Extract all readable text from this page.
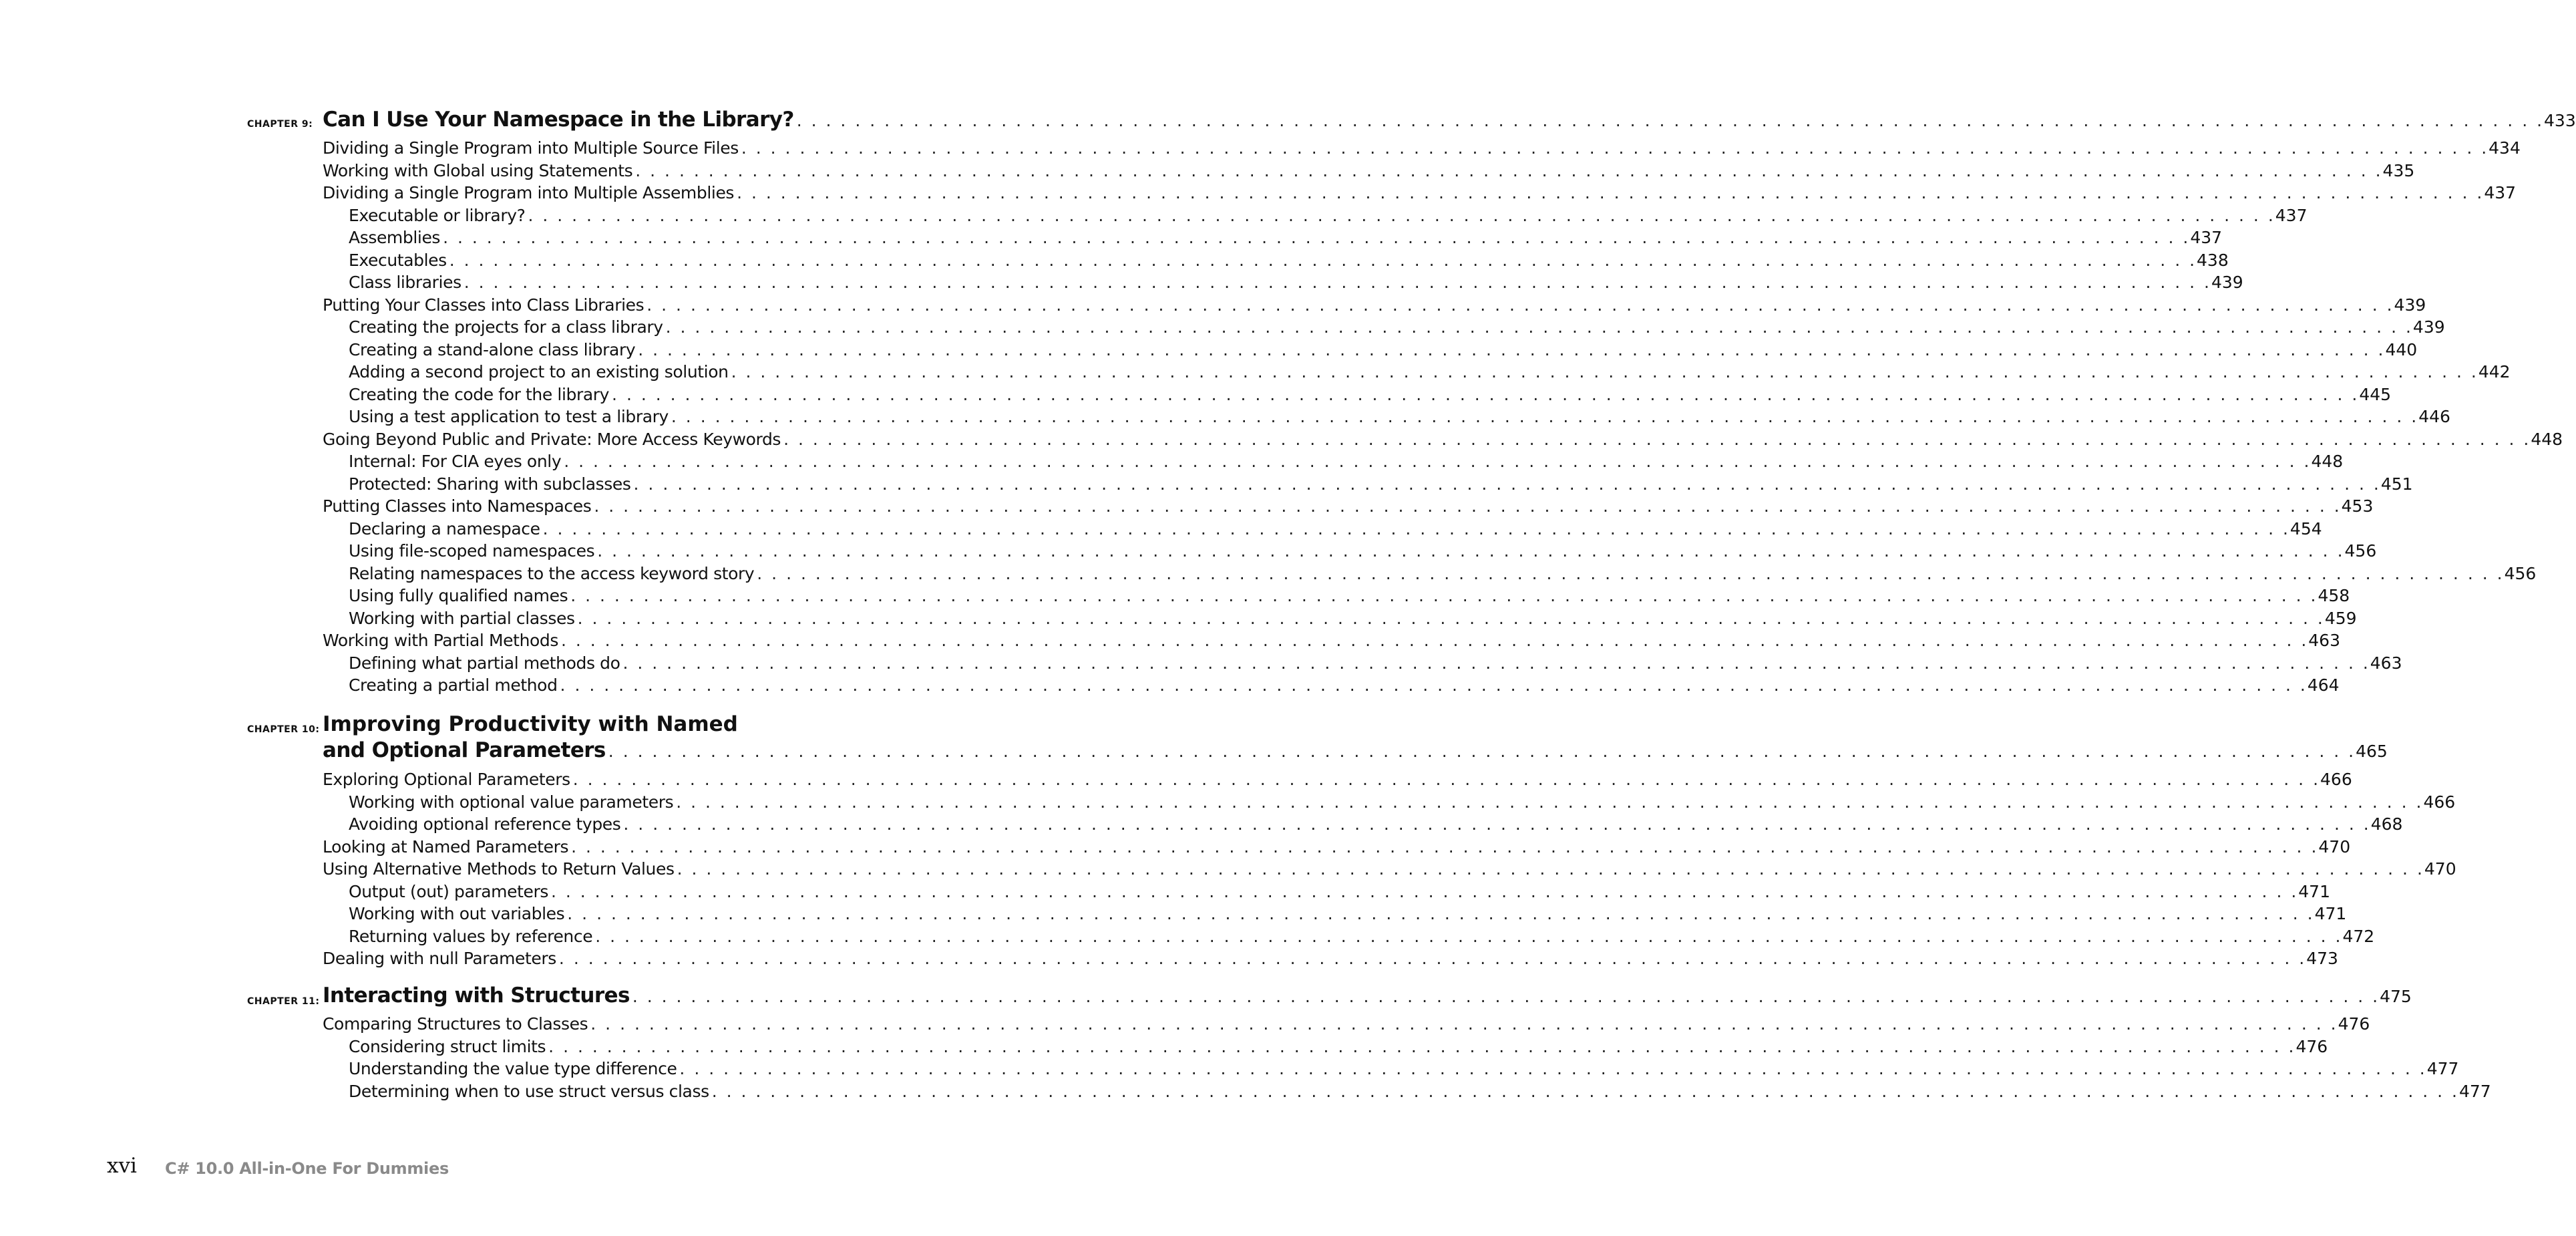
CHAPTER 9: Can I Use Your Namespace in the Library? . . . . . . . . . . . . . . . . . . . . . . . . . . . . . . . . . . . . . . . . . . . . . . . . . . . . . . . . . . . . . . . . . . . . . . . . . . . . . . . . . . . . . . . . . . . . . . . . . . . . . . . . . . . . . . . . . . . . . . . . 433
Dividing a Single Program into Multiple Source Files . . . . . . . . . . . . . . . . . . . . . . . . . . . . . . . . . . . . . . . . . . . . . . . . . . . . . . . . . . . . . . . . . . . . . . . . . . . . . . . . . . . . . . . . . . . . . . . . . . . . . . . . . . . . . . . . . . . . . . . . 434
Working with Global using Statements . . . . . . . . . . . . . . . . . . . . . . . . . . . . . . . . . . . . . . . . . . . . . . . . . . . . . . . . . . . . . . . . . . . . . . . . . . . . . . . . . . . . . . . . . . . . . . . . . . . . . . . . . . . . . . . . . . . . . . . . 435
Dividing a Single Program into Multiple Assemblies . . . . . . . . . . . . . . . . . . . . . . . . . . . . . . . . . . . . . . . . . . . . . . . . . . . . . . . . . . . . . . . . . . . . . . . . . . . . . . . . . . . . . . . . . . . . . . . . . . . . . . . . . . . . . . . . . . . . . . . . 437
Executable or library? . . . . . . . . . . . . . . . . . . . . . . . . . . . . . . . . . . . . . . . . . . . . . . . . . . . . . . . . . . . . . . . . . . . . . . . . . . . . . . . . . . . . . . . . . . . . . . . . . . . . . . . . . . . . . . . . . . . . . . . . 437
Assemblies . . . . . . . . . . . . . . . . . . . . . . . . . . . . . . . . . . . . . . . . . . . . . . . . . . . . . . . . . . . . . . . . . . . . . . . . . . . . . . . . . . . . . . . . . . . . . . . . . . . . . . . . . . . . . . . . . . . . . . . . 437
Executables . . . . . . . . . . . . . . . . . . . . . . . . . . . . . . . . . . . . . . . . . . . . . . . . . . . . . . . . . . . . . . . . . . . . . . . . . . . . . . . . . . . . . . . . . . . . . . . . . . . . . . . . . . . . . . . . . . . . . . . . 438
Class libraries . . . . . . . . . . . . . . . . . . . . . . . . . . . . . . . . . . . . . . . . . . . . . . . . . . . . . . . . . . . . . . . . . . . . . . . . . . . . . . . . . . . . . . . . . . . . . . . . . . . . . . . . . . . . . . . . . . . . . . . . 439
Putting Your Classes into Class Libraries . . . . . . . . . . . . . . . . . . . . . . . . . . . . . . . . . . . . . . . . . . . . . . . . . . . . . . . . . . . . . . . . . . . . . . . . . . . . . . . . . . . . . . . . . . . . . . . . . . . . . . . . . . . . . . . . . . . . . . . . 439
Creating the projects for a class library . . . . . . . . . . . . . . . . . . . . . . . . . . . . . . . . . . . . . . . . . . . . . . . . . . . . . . . . . . . . . . . . . . . . . . . . . . . . . . . . . . . . . . . . . . . . . . . . . . . . . . . . . . . . . . . . . . . . . . . . 439
Creating a stand-alone class library . . . . . . . . . . . . . . . . . . . . . . . . . . . . . . . . . . . . . . . . . . . . . . . . . . . . . . . . . . . . . . . . . . . . . . . . . . . . . . . . . . . . . . . . . . . . . . . . . . . . . . . . . . . . . . . . . . . . . . . . 440
Adding a second project to an existing solution . . . . . . . . . . . . . . . . . . . . . . . . . . . . . . . . . . . . . . . . . . . . . . . . . . . . . . . . . . . . . . . . . . . . . . . . . . . . . . . . . . . . . . . . . . . . . . . . . . . . . . . . . . . . . . . . . . . . . . . . 442
Creating the code for the library . . . . . . . . . . . . . . . . . . . . . . . . . . . . . . . . . . . . . . . . . . . . . . . . . . . . . . . . . . . . . . . . . . . . . . . . . . . . . . . . . . . . . . . . . . . . . . . . . . . . . . . . . . . . . . . . . . . . . . . . 445
Using a test application to test a library . . . . . . . . . . . . . . . . . . . . . . . . . . . . . . . . . . . . . . . . . . . . . . . . . . . . . . . . . . . . . . . . . . . . . . . . . . . . . . . . . . . . . . . . . . . . . . . . . . . . . . . . . . . . . . . . . . . . . . . . 446
Going Beyond Public and Private: More Access Keywords . . . . . . . . . . . . . . . . . . . . . . . . . . . . . . . . . . . . . . . . . . . . . . . . . . . . . . . . . . . . . . . . . . . . . . . . . . . . . . . . . . . . . . . . . . . . . . . . . . . . . . . . . . . . . . . . . . . . . . . . 448
Internal: For CIA eyes only . . . . . . . . . . . . . . . . . . . . . . . . . . . . . . . . . . . . . . . . . . . . . . . . . . . . . . . . . . . . . . . . . . . . . . . . . . . . . . . . . . . . . . . . . . . . . . . . . . . . . . . . . . . . . . . . . . . . . . . . 448
Protected: Sharing with subclasses . . . . . . . . . . . . . . . . . . . . . . . . . . . . . . . . . . . . . . . . . . . . . . . . . . . . . . . . . . . . . . . . . . . . . . . . . . . . . . . . . . . . . . . . . . . . . . . . . . . . . . . . . . . . . . . . . . . . . . . . 451
Putting Classes into Namespaces . . . . . . . . . . . . . . . . . . . . . . . . . . . . . . . . . . . . . . . . . . . . . . . . . . . . . . . . . . . . . . . . . . . . . . . . . . . . . . . . . . . . . . . . . . . . . . . . . . . . . . . . . . . . . . . . . . . . . . . . 453
Declaring a namespace . . . . . . . . . . . . . . . . . . . . . . . . . . . . . . . . . . . . . . . . . . . . . . . . . . . . . . . . . . . . . . . . . . . . . . . . . . . . . . . . . . . . . . . . . . . . . . . . . . . . . . . . . . . . . . . . . . . . . . . . 454
Using file-scoped namespaces . . . . . . . . . . . . . . . . . . . . . . . . . . . . . . . . . . . . . . . . . . . . . . . . . . . . . . . . . . . . . . . . . . . . . . . . . . . . . . . . . . . . . . . . . . . . . . . . . . . . . . . . . . . . . . . . . . . . . . . . 456
Relating namespaces to the access keyword story . . . . . . . . . . . . . . . . . . . . . . . . . . . . . . . . . . . . . . . . . . . . . . . . . . . . . . . . . . . . . . . . . . . . . . . . . . . . . . . . . . . . . . . . . . . . . . . . . . . . . . . . . . . . . . . . . . . . . . . . 456
Using fully qualified names . . . . . . . . . . . . . . . . . . . . . . . . . . . . . . . . . . . . . . . . . . . . . . . . . . . . . . . . . . . . . . . . . . . . . . . . . . . . . . . . . . . . . . . . . . . . . . . . . . . . . . . . . . . . . . . . . . . . . . . . 458
Working with partial classes . . . . . . . . . . . . . . . . . . . . . . . . . . . . . . . . . . . . . . . . . . . . . . . . . . . . . . . . . . . . . . . . . . . . . . . . . . . . . . . . . . . . . . . . . . . . . . . . . . . . . . . . . . . . . . . . . . . . . . . . 459
Working with Partial Methods . . . . . . . . . . . . . . . . . . . . . . . . . . . . . . . . . . . . . . . . . . . . . . . . . . . . . . . . . . . . . . . . . . . . . . . . . . . . . . . . . . . . . . . . . . . . . . . . . . . . . . . . . . . . . . . . . . . . . . . . 463
Defining what partial methods do . . . . . . . . . . . . . . . . . . . . . . . . . . . . . . . . . . . . . . . . . . . . . . . . . . . . . . . . . . . . . . . . . . . . . . . . . . . . . . . . . . . . . . . . . . . . . . . . . . . . . . . . . . . . . . . . . . . . . . . . 463
Creating a partial method . . . . . . . . . . . . . . . . . . . . . . . . . . . . . . . . . . . . . . . . . . . . . . . . . . . . . . . . . . . . . . . . . . . . . . . . . . . . . . . . . . . . . . . . . . . . . . . . . . . . . . . . . . . . . . . . . . . . . . . . 464
CHAPTER 10: Improving Productivity with Named
and Optional Parameters . . . . . . . . . . . . . . . . . . . . . . . . . . . . . . . . . . . . . . . . . . . . . . . . . . . . . . . . . . . . . . . . . . . . . . . . . . . . . . . . . . . . . . . . . . . . . . . . . . . . . . . . . . . . . . . . . . . . . . . . 465
Exploring Optional Parameters . . . . . . . . . . . . . . . . . . . . . . . . . . . . . . . . . . . . . . . . . . . . . . . . . . . . . . . . . . . . . . . . . . . . . . . . . . . . . . . . . . . . . . . . . . . . . . . . . . . . . . . . . . . . . . . . . . . . . . . . 466
Working with optional value parameters . . . . . . . . . . . . . . . . . . . . . . . . . . . . . . . . . . . . . . . . . . . . . . . . . . . . . . . . . . . . . . . . . . . . . . . . . . . . . . . . . . . . . . . . . . . . . . . . . . . . . . . . . . . . . . . . . . . . . . . . 466
Avoiding optional reference types . . . . . . . . . . . . . . . . . . . . . . . . . . . . . . . . . . . . . . . . . . . . . . . . . . . . . . . . . . . . . . . . . . . . . . . . . . . . . . . . . . . . . . . . . . . . . . . . . . . . . . . . . . . . . . . . . . . . . . . . 468
Looking at Named Parameters . . . . . . . . . . . . . . . . . . . . . . . . . . . . . . . . . . . . . . . . . . . . . . . . . . . . . . . . . . . . . . . . . . . . . . . . . . . . . . . . . . . . . . . . . . . . . . . . . . . . . . . . . . . . . . . . . . . . . . . . 470
Using Alternative Methods to Return Values . . . . . . . . . . . . . . . . . . . . . . . . . . . . . . . . . . . . . . . . . . . . . . . . . . . . . . . . . . . . . . . . . . . . . . . . . . . . . . . . . . . . . . . . . . . . . . . . . . . . . . . . . . . . . . . . . . . . . . . . 470
Output (out) parameters . . . . . . . . . . . . . . . . . . . . . . . . . . . . . . . . . . . . . . . . . . . . . . . . . . . . . . . . . . . . . . . . . . . . . . . . . . . . . . . . . . . . . . . . . . . . . . . . . . . . . . . . . . . . . . . . . . . . . . . . 471
Working with out variables . . . . . . . . . . . . . . . . . . . . . . . . . . . . . . . . . . . . . . . . . . . . . . . . . . . . . . . . . . . . . . . . . . . . . . . . . . . . . . . . . . . . . . . . . . . . . . . . . . . . . . . . . . . . . . . . . . . . . . . . 471
Returning values by reference . . . . . . . . . . . . . . . . . . . . . . . . . . . . . . . . . . . . . . . . . . . . . . . . . . . . . . . . . . . . . . . . . . . . . . . . . . . . . . . . . . . . . . . . . . . . . . . . . . . . . . . . . . . . . . . . . . . . . . . . 472
Dealing with null Parameters . . . . . . . . . . . . . . . . . . . . . . . . . . . . . . . . . . . . . . . . . . . . . . . . . . . . . . . . . . . . . . . . . . . . . . . . . . . . . . . . . . . . . . . . . . . . . . . . . . . . . . . . . . . . . . . . . . . . . . . . 473
CHAPTER 11: Interacting with Structures . . . . . . . . . . . . . . . . . . . . . . . . . . . . . . . . . . . . . . . . . . . . . . . . . . . . . . . . . . . . . . . . . . . . . . . . . . . . . . . . . . . . . . . . . . . . . . . . . . . . . . . . . . . . . . . . . . . . . . . . 475
Comparing Structures to Classes . . . . . . . . . . . . . . . . . . . . . . . . . . . . . . . . . . . . . . . . . . . . . . . . . . . . . . . . . . . . . . . . . . . . . . . . . . . . . . . . . . . . . . . . . . . . . . . . . . . . . . . . . . . . . . . . . . . . . . . . 476
Considering struct limits . . . . . . . . . . . . . . . . . . . . . . . . . . . . . . . . . . . . . . . . . . . . . . . . . . . . . . . . . . . . . . . . . . . . . . . . . . . . . . . . . . . . . . . . . . . . . . . . . . . . . . . . . . . . . . . . . . . . . . . . 476
Understanding the value type difference . . . . . . . . . . . . . . . . . . . . . . . . . . . . . . . . . . . . . . . . . . . . . . . . . . . . . . . . . . . . . . . . . . . . . . . . . . . . . . . . . . . . . . . . . . . . . . . . . . . . . . . . . . . . . . . . . . . . . . . . 477
Determining when to use struct versus class . . . . . . . . . . . . . . . . . . . . . . . . . . . . . . . . . . . . . . . . . . . . . . . . . . . . . . . . . . . . . . . . . . . . . . . . . . . . . . . . . . . . . . . . . . . . . . . . . . . . . . . . . . . . . . . . . . . . . . . . 477
xvi C# 10.0 All-in-One For Dummies
